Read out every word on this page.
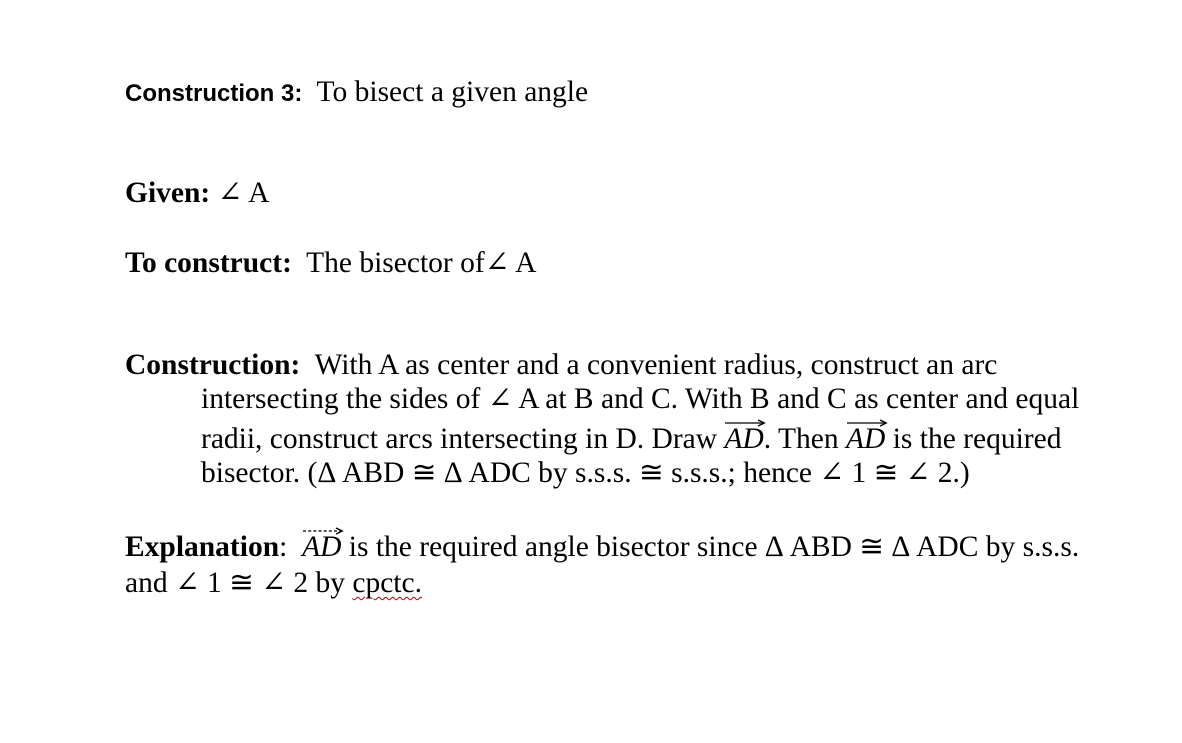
Construction 3: To bisect a given angle
Given: ∠ A
To construct: The bisector of∠ A
Construction: With A as center and a convenient radius, construct an arc
intersecting the sides of ∠ A at B and C. With B and C as center and equal
radii, construct arcs intersecting in D. Draw AD. Then AD is the required
bisector. (Δ ABD ≅ Δ ADC by s.s.s. ≅ s.s.s.; hence ∠ 1 ≅ ∠ 2.)
Explanation: AD is the required angle bisector since Δ ABD ≅ Δ ADC by s.s.s.
and ∠ 1 ≅ ∠ 2 by cpctc.
